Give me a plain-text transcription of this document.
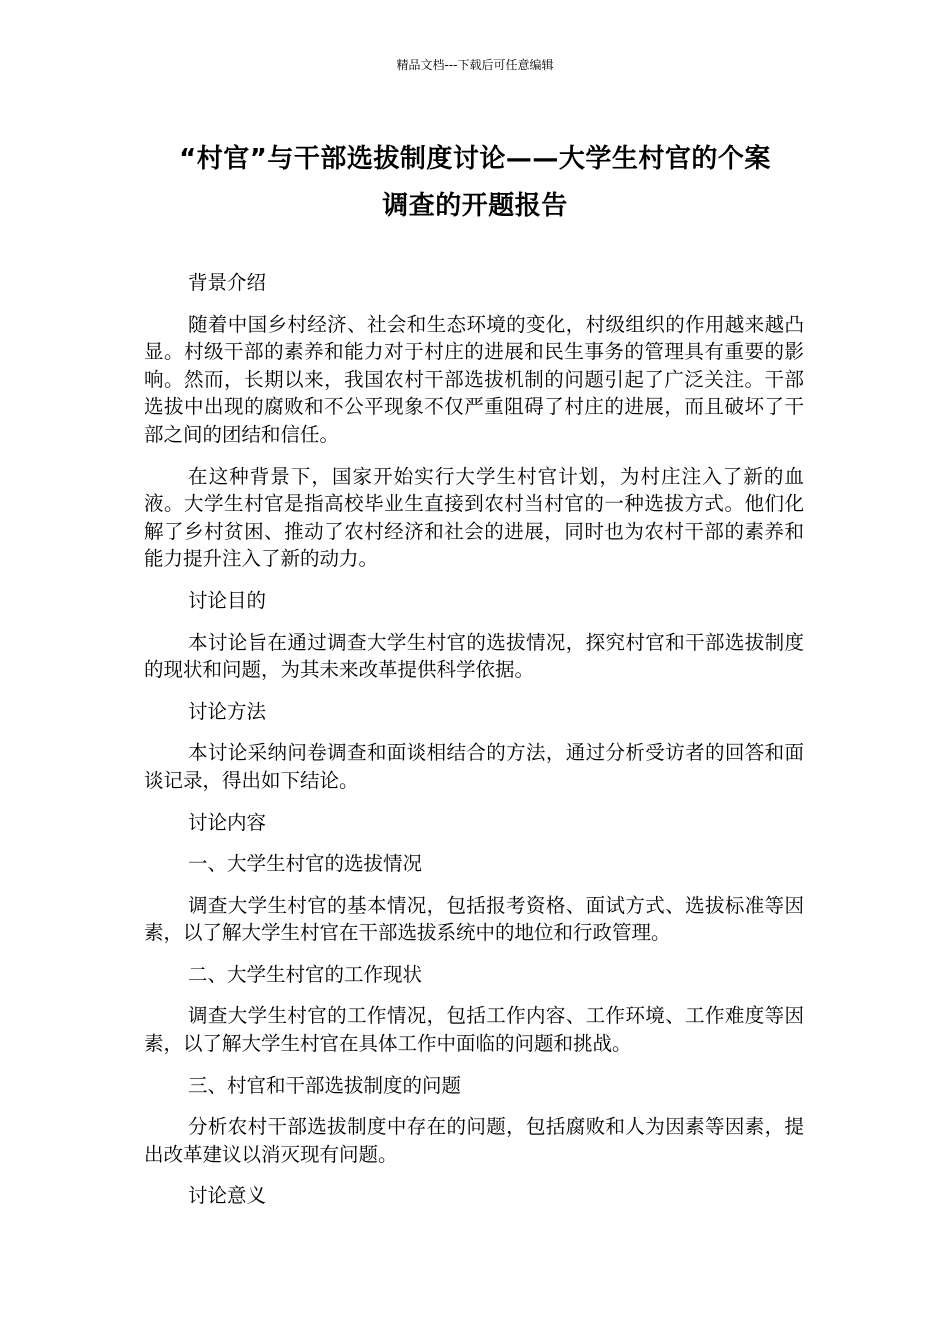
精品文档---下载后可任意编辑
“村官”与干部选拔制度讨论——大学生村官的个案
调查的开题报告

背景介绍

随着中国乡村经济、社会和生态环境的变化，村级组织的作用越来越凸显。村级干部的素养和能力对于村庄的进展和民生事务的管理具有重要的影响。然而，长期以来，我国农村干部选拔机制的问题引起了广泛关注。干部选拔中出现的腐败和不公平现象不仅严重阻碍了村庄的进展，而且破坏了干部之间的团结和信任。

在这种背景下，国家开始实行大学生村官计划，为村庄注入了新的血液。大学生村官是指高校毕业生直接到农村当村官的一种选拔方式。他们化解了乡村贫困、推动了农村经济和社会的进展，同时也为农村干部的素养和能力提升注入了新的动力。

讨论目的

本讨论旨在通过调查大学生村官的选拔情况，探究村官和干部选拔制度的现状和问题，为其未来改革提供科学依据。

讨论方法

本讨论采纳问卷调查和面谈相结合的方法，通过分析受访者的回答和面谈记录，得出如下结论。

讨论内容

一、大学生村官的选拔情况

调查大学生村官的基本情况，包括报考资格、面试方式、选拔标准等因素，以了解大学生村官在干部选拔系统中的地位和行政管理。

二、大学生村官的工作现状

调查大学生村官的工作情况，包括工作内容、工作环境、工作难度等因素，以了解大学生村官在具体工作中面临的问题和挑战。

三、村官和干部选拔制度的问题

分析农村干部选拔制度中存在的问题，包括腐败和人为因素等因素，提出改革建议以消灭现有问题。

讨论意义
